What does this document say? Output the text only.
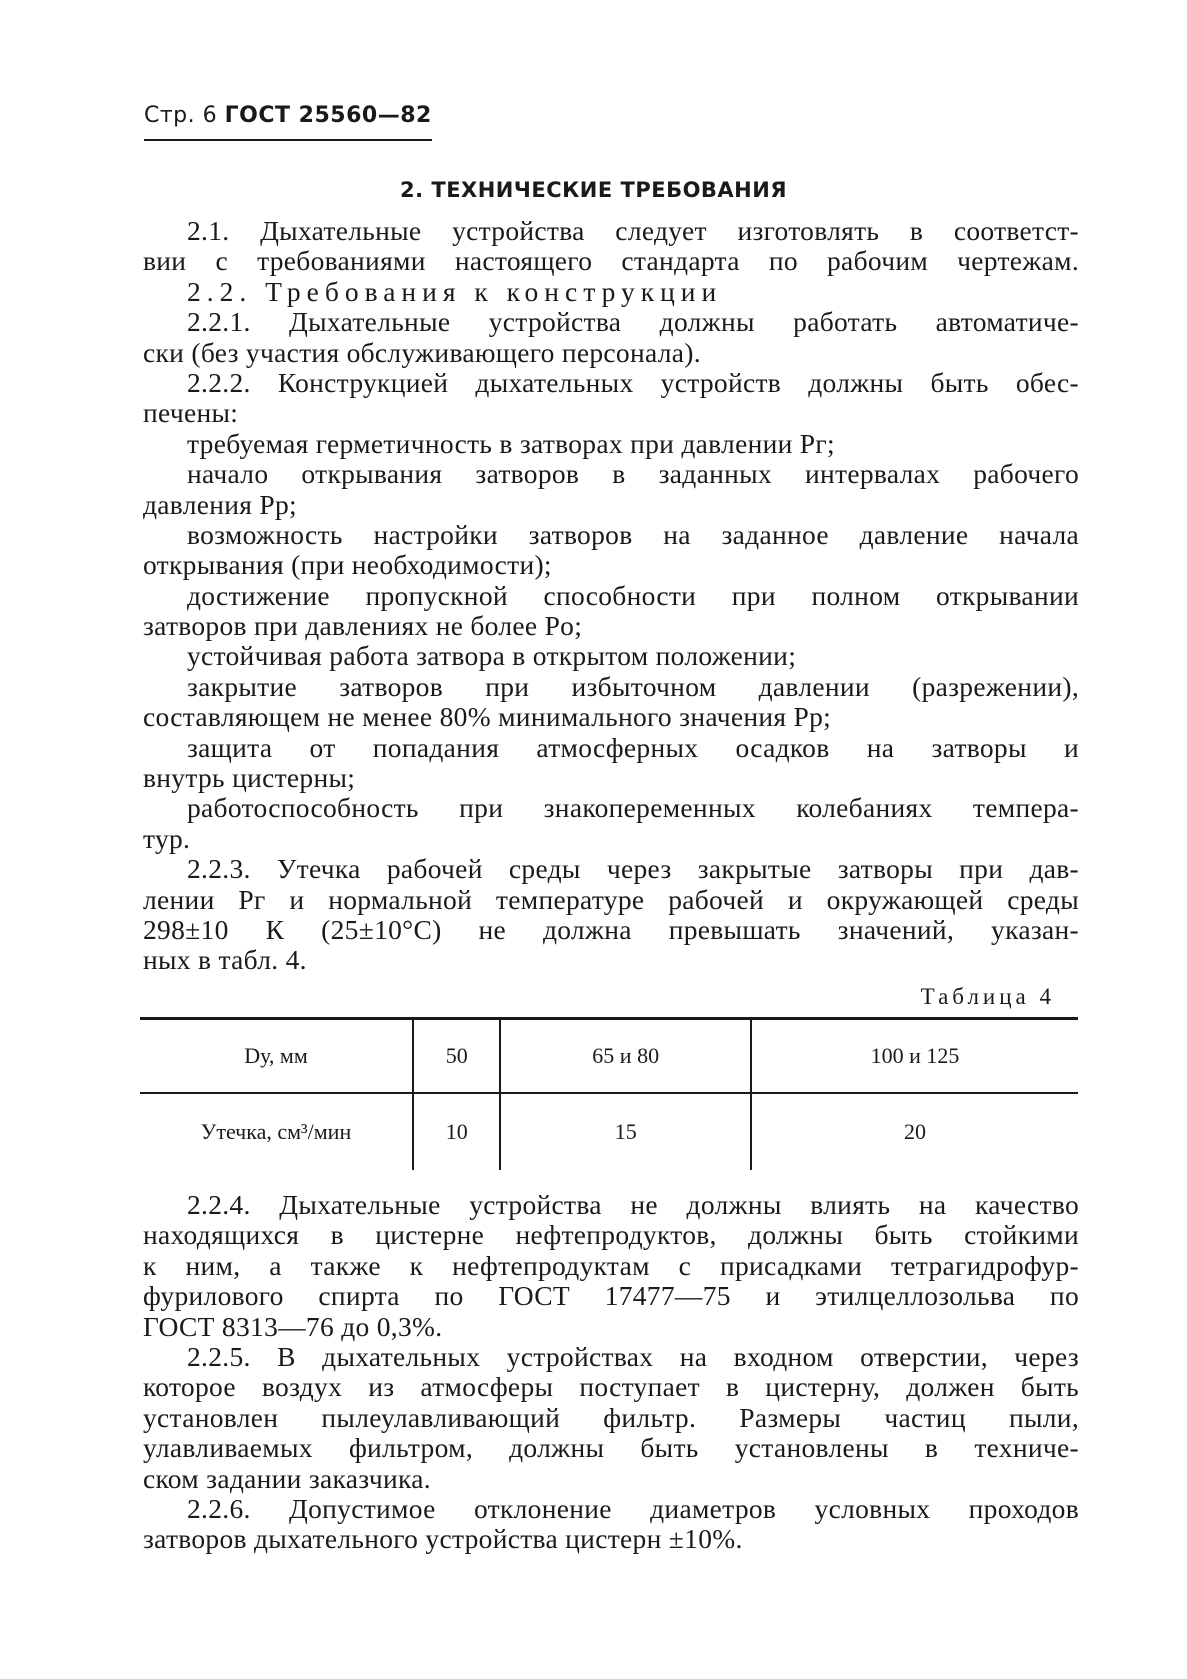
Стр. 6 ГОСТ 25560—82
2. ТЕХНИЧЕСКИЕ ТРЕБОВАНИЯ
2.1. Дыхательные устройства следует изготовлять в соответст-
вии с требованиями настоящего стандарта по рабочим чертежам.
2.2. Требования к конструкции
2.2.1. Дыхательные устройства должны работать автоматиче-
ски (без участия обслуживающего персонала).
2.2.2. Конструкцией дыхательных устройств должны быть обес-
печены:
требуемая герметичность в затворах при давлении Pг;
начало открывания затворов в заданных интервалах рабочего
давления Pр;
возможность настройки затворов на заданное давление начала
открывания (при необходимости);
достижение пропускной способности при полном открывании
затворов при давлениях не более Pо;
устойчивая работа затвора в открытом положении;
закрытие затворов при избыточном давлении (разрежении),
составляющем не менее 80% минимального значения Pр;
защита от попадания атмосферных осадков на затворы и
внутрь цистерны;
работоспособность при знакопеременных колебаниях темпера-
тур.
2.2.3. Утечка рабочей среды через закрытые затворы при дав-
лении Pг и нормальной температуре рабочей и окружающей среды
298±10 К (25±10°С) не должна превышать значений, указан-
ных в табл. 4.
Таблица 4
Dу, мм	50	65 и 80	100 и 125
Утечка, см³/мин	10	15	20
2.2.4. Дыхательные устройства не должны влиять на качество
находящихся в цистерне нефтепродуктов, должны быть стойкими
к ним, а также к нефтепродуктам с присадками тетрагидрофур-
фурилового спирта по ГОСТ 17477—75 и этилцеллозольва по
ГОСТ 8313—76 до 0,3%.
2.2.5. В дыхательных устройствах на входном отверстии, через
которое воздух из атмосферы поступает в цистерну, должен быть
установлен пылеулавливающий фильтр. Размеры частиц пыли,
улавливаемых фильтром, должны быть установлены в техниче-
ском задании заказчика.
2.2.6. Допустимое отклонение диаметров условных проходов
затворов дыхательного устройства цистерн ±10%.
